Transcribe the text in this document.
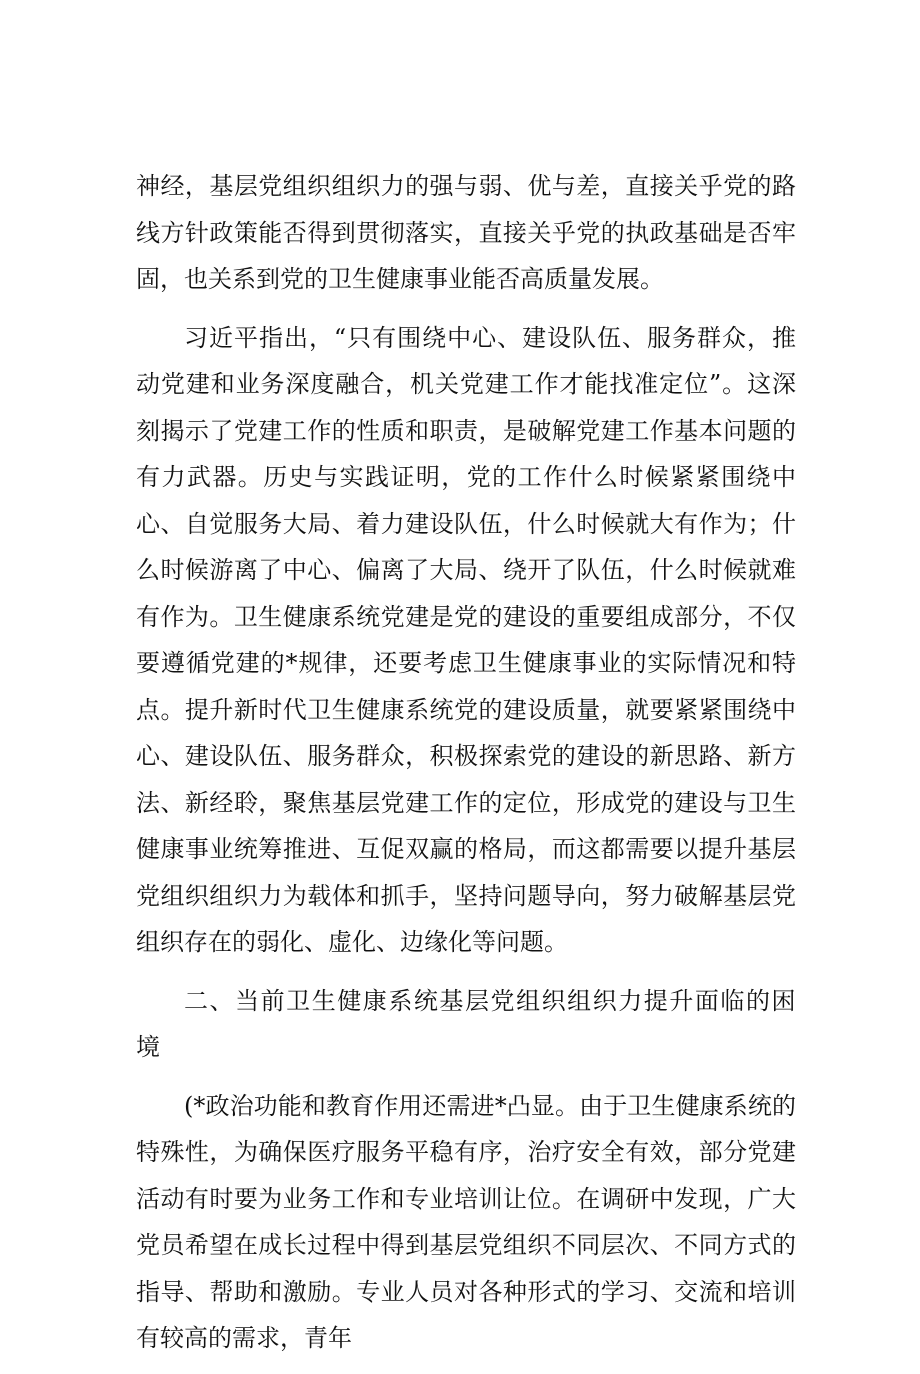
神经，基层党组织组织力的强与弱、优与差，直接关乎党的路线方针政策能否得到贯彻落实，直接关乎党的执政基础是否牢固，也关系到党的卫生健康事业能否高质量发展。

习近平指出，“只有围绕中心、建设队伍、服务群众，推动党建和业务深度融合，机关党建工作才能找准定位”。这深刻揭示了党建工作的性质和职责，是破解党建工作基本问题的有力武器。历史与实践证明，党的工作什么时候紧紧围绕中心、自觉服务大局、着力建设队伍，什么时候就大有作为；什么时候游离了中心、偏离了大局、绕开了队伍，什么时候就难有作为。卫生健康系统党建是党的建设的重要组成部分，不仅要遵循党建的*规律，还要考虑卫生健康事业的实际情况和特点。提升新时代卫生健康系统党的建设质量，就要紧紧围绕中心、建设队伍、服务群众，积极探索党的建设的新思路、新方法、新经聆，聚焦基层党建工作的定位，形成党的建设与卫生健康事业统筹推进、互促双赢的格局，而这都需要以提升基层党组织组织力为载体和抓手，坚持问题导向，努力破解基层党组织存在的弱化、虚化、边缘化等问题。

二、当前卫生健康系统基层党组织组织力提升面临的困境

(*政治功能和教育作用还需进*凸显。由于卫生健康系统的特殊性，为确保医疗服务平稳有序，治疗安全有效，部分党建活动有时要为业务工作和专业培训让位。在调研中发现，广大党员希望在成长过程中得到基层党组织不同层次、不同方式的指导、帮助和激励。专业人员对各种形式的学习、交流和培训有较高的需求，青年
